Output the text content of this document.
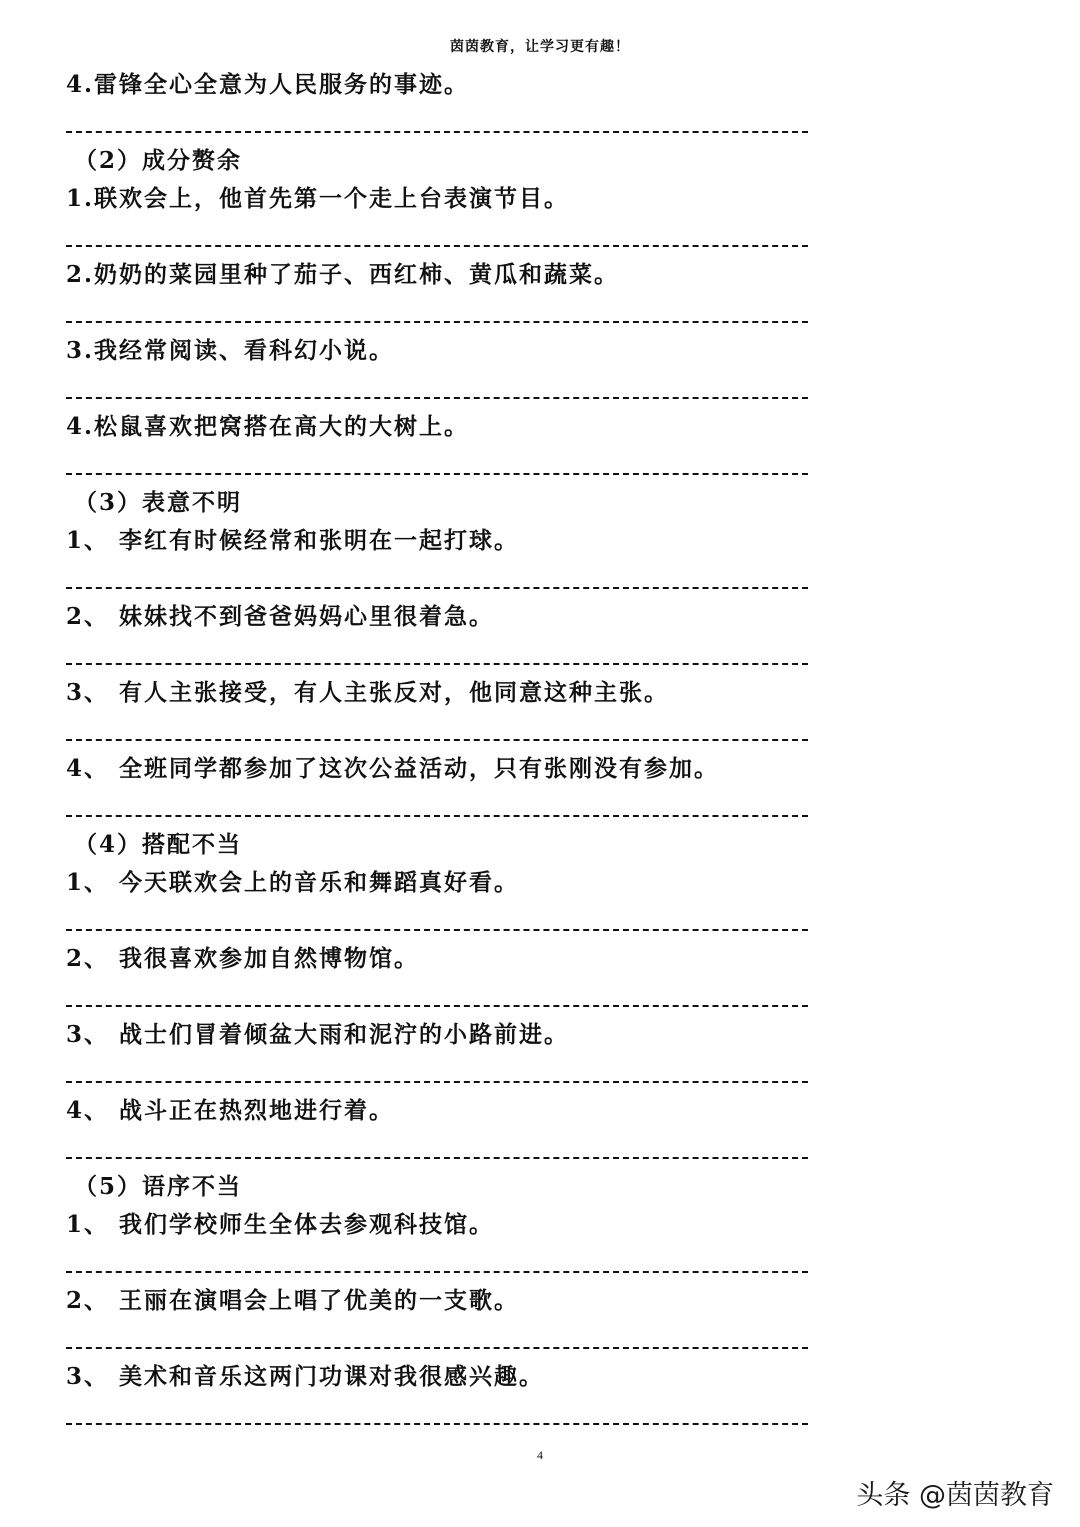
茵茵教育，让学习更有趣！
4.雷锋全心全意为人民服务的事迹。
（2）成分赘余
1.联欢会上，他首先第一个走上台表演节目。
2.奶奶的菜园里种了茄子、西红柿、黄瓜和蔬菜。
3.我经常阅读、看科幻小说。
4.松鼠喜欢把窝搭在高大的大树上。
（3）表意不明
1、 李红有时候经常和张明在一起打球。
2、 妹妹找不到爸爸妈妈心里很着急。
3、 有人主张接受，有人主张反对，他同意这种主张。
4、 全班同学都参加了这次公益活动，只有张刚没有参加。
（4）搭配不当
1、 今天联欢会上的音乐和舞蹈真好看。
2、 我很喜欢参加自然博物馆。
3、 战士们冒着倾盆大雨和泥泞的小路前进。
4、 战斗正在热烈地进行着。
（5）语序不当
1、 我们学校师生全体去参观科技馆。
2、 王丽在演唱会上唱了优美的一支歌。
3、 美术和音乐这两门功课对我很感兴趣。
4
头条 @茵茵教育
